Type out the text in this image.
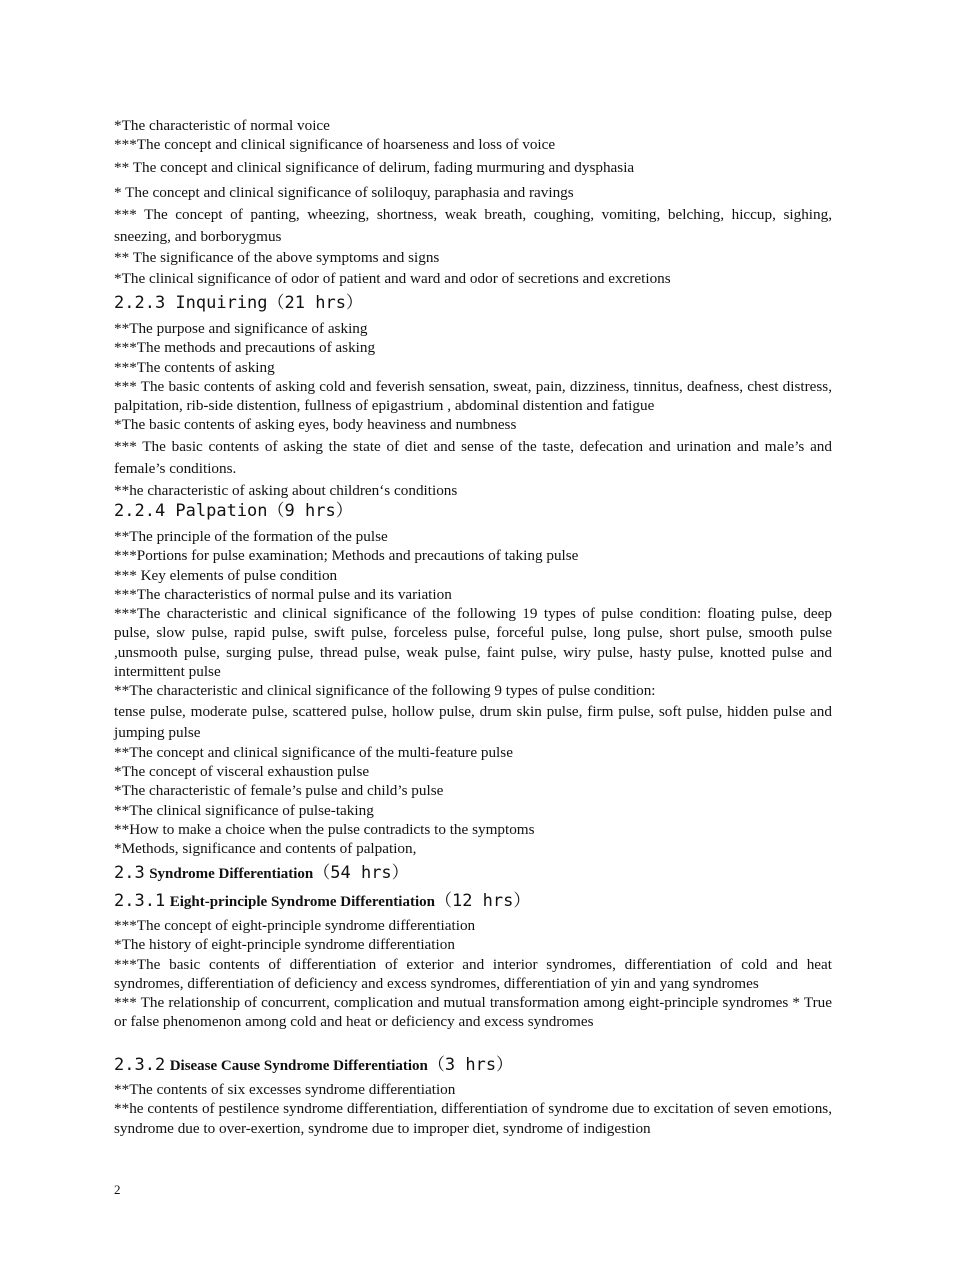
*The characteristic of normal voice
***The concept and clinical significance of hoarseness and loss of voice
** The concept and clinical significance of delirum, fading murmuring and dysphasia
* The concept and clinical significance of soliloquy, paraphasia and ravings
*** The concept of panting, wheezing, shortness, weak breath, coughing, vomiting, belching, hiccup, sighing, sneezing, and borborygmus
** The significance of the above symptoms and signs
*The clinical significance of odor of patient and ward and odor of secretions and excretions
2.2.3 Inquiring（21 hrs）
**The purpose and significance of asking
***The methods and precautions of asking
***The contents of asking
*** The basic contents of asking cold and feverish sensation, sweat, pain, dizziness, tinnitus, deafness, chest distress, palpitation, rib-side distention, fullness of epigastrium , abdominal distention and fatigue
*The basic contents of asking eyes, body heaviness and numbness
*** The basic contents of asking the state of diet and sense of the taste, defecation and urination and male’s and female’s conditions.
**he characteristic of asking about children‘s conditions
2.2.4 Palpation（9 hrs）
**The principle of the formation of the pulse
***Portions for pulse examination; Methods and precautions of taking pulse
*** Key elements of pulse condition
***The characteristics of normal pulse and its variation
***The characteristic and clinical significance of the following 19 types of pulse condition: floating pulse, deep pulse, slow pulse, rapid pulse, swift pulse, forceless pulse, forceful pulse, long pulse, short pulse, smooth pulse ,unsmooth pulse, surging pulse, thread pulse, weak pulse, faint pulse, wiry pulse, hasty pulse, knotted pulse and intermittent pulse
**The characteristic and clinical significance of the following 9 types of pulse condition:
tense pulse, moderate pulse, scattered pulse, hollow pulse, drum skin pulse, firm pulse, soft pulse, hidden pulse and jumping pulse
**The concept and clinical significance of the multi-feature pulse
*The concept of visceral exhaustion pulse
*The characteristic of female’s pulse and child’s pulse
**The clinical significance of pulse-taking
**How to make a choice when the pulse contradicts to the symptoms
*Methods, significance and contents of palpation,
2.3 Syndrome Differentiation（54 hrs）
2.3.1 Eight-principle Syndrome Differentiation（12 hrs）
***The concept of eight-principle syndrome differentiation
*The history of eight-principle syndrome differentiation
***The basic contents of differentiation of exterior and interior syndromes, differentiation of cold and heat syndromes, differentiation of deficiency and excess syndromes, differentiation of yin and yang syndromes
*** The relationship of concurrent, complication and mutual transformation among eight-principle syndromes * True or false phenomenon among cold and heat or deficiency and excess syndromes
2.3.2 Disease Cause Syndrome Differentiation（3 hrs）
**The contents of six excesses syndrome differentiation
**he contents of pestilence syndrome differentiation, differentiation of syndrome due to excitation of seven emotions, syndrome due to over-exertion, syndrome due to improper diet, syndrome of indigestion
2
